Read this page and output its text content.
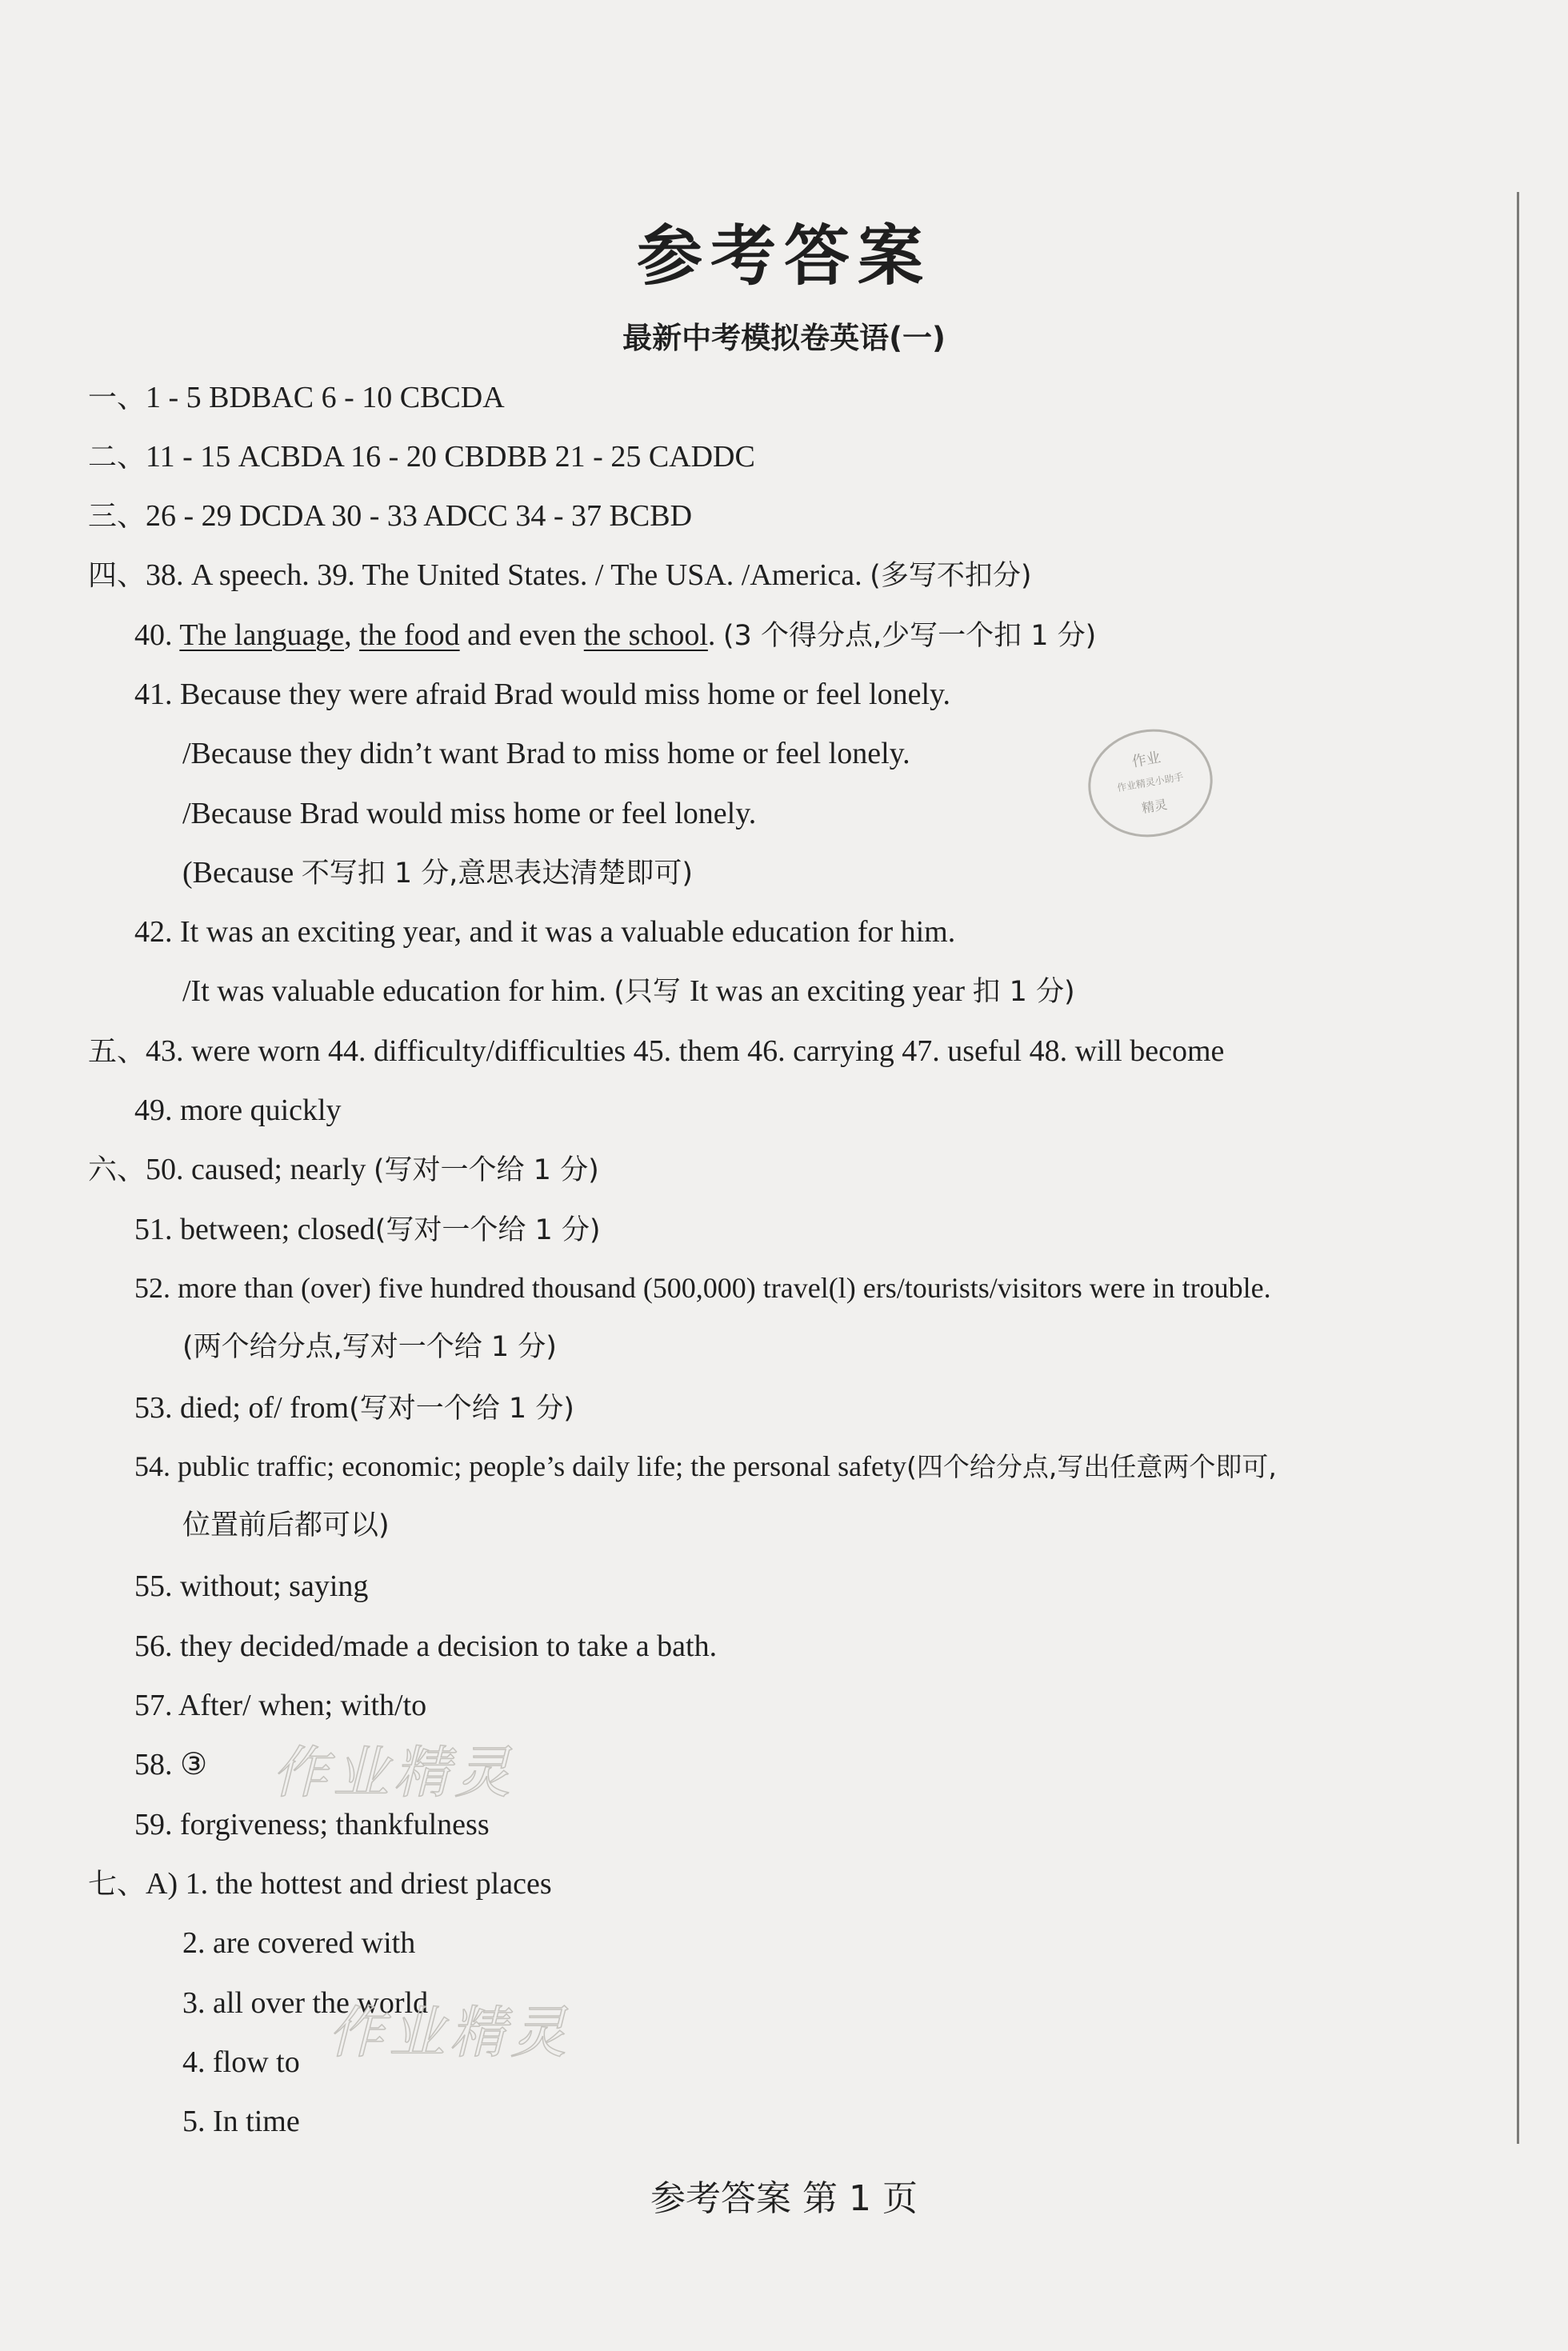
参考答案
最新中考模拟卷英语(一)
一、1 - 5 BDBAC 6 - 10 CBCDA
二、11 - 15 ACBDA 16 - 20 CBDBB 21 - 25 CADDC
三、26 - 29 DCDA 30 - 33 ADCC 34 - 37 BCBD
四、38. A speech. 39. The United States. / The USA. /America. (多写不扣分)
40. The language, the food and even the school. (3 个得分点,少写一个扣 1 分)
41. Because they were afraid Brad would miss home or feel lonely.
/Because they didn’t want Brad to miss home or feel lonely.
/Because Brad would miss home or feel lonely.
(Because 不写扣 1 分,意思表达清楚即可)
42. It was an exciting year, and it was a valuable education for him.
/It was valuable education for him. (只写 It was an exciting year 扣 1 分)
五、43. were worn 44. difficulty/difficulties 45. them 46. carrying 47. useful 48. will become
49. more quickly
六、50. caused; nearly (写对一个给 1 分)
51. between; closed(写对一个给 1 分)
52. more than (over) five hundred thousand (500,000) travel(l) ers/tourists/visitors were in trouble.
(两个给分点,写对一个给 1 分)
53. died; of/ from(写对一个给 1 分)
54. public traffic; economic; people’s daily life; the personal safety(四个给分点,写出任意两个即可,
位置前后都可以)
55. without; saying
56. they decided/made a decision to take a bath.
57. After/ when; with/to
58. ③
59. forgiveness; thankfulness
七、A) 1. the hottest and driest places
2. are covered with
3. all over the world
4. flow to
5. In time
作业
作业精灵小助手
精灵
作业精灵
作业精灵
参考答案 第 1 页
